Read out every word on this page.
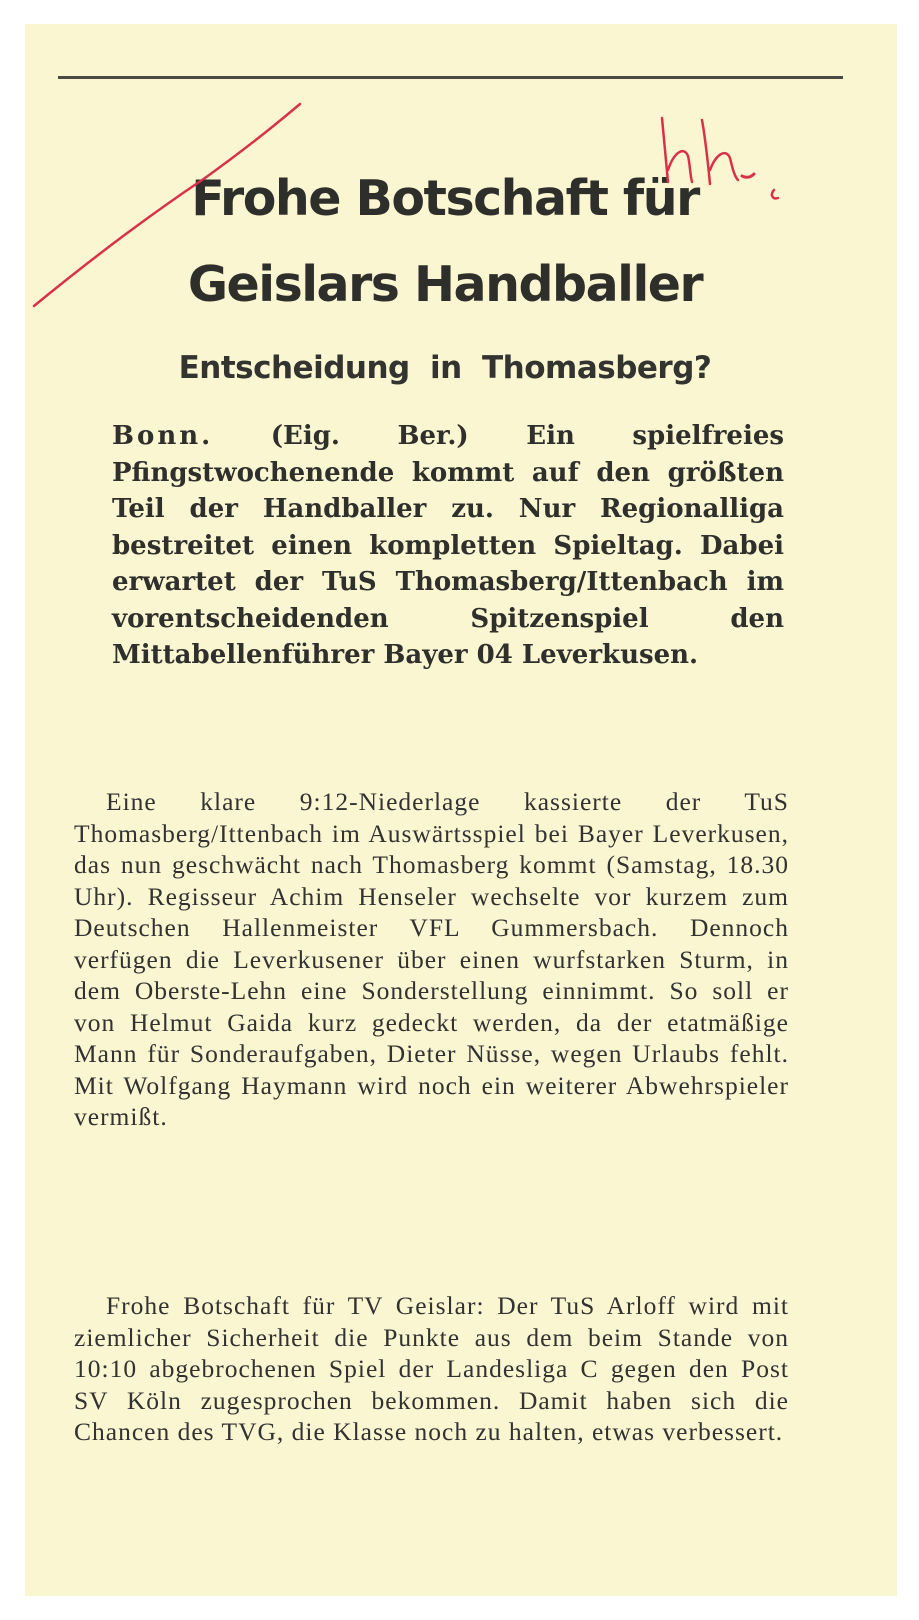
Frohe Botschaft für
Geislars Handballer
Entscheidung in Thomasberg?
Bonn. (Eig. Ber.) Ein spielfreies Pfingstwochenende kommt auf den größten Teil der Handballer zu. Nur Regionalliga bestreitet einen kompletten Spieltag. Dabei erwartet der TuS Thomasberg/Ittenbach im vorentscheidenden Spitzenspiel den Mittabellenführer Bayer 04 Leverkusen.

Eine klare 9:12-Niederlage kassierte der TuS Thomasberg/Ittenbach im Auswärtsspiel bei Bayer Leverkusen, das nun geschwächt nach Thomasberg kommt (Samstag, 18.30 Uhr). Regisseur Achim Henseler wechselte vor kurzem zum Deutschen Hallenmeister VFL Gummersbach. Dennoch verfügen die Leverkusener über einen wurfstarken Sturm, in dem Oberste-Lehn eine Sonderstellung einnimmt. So soll er von Helmut Gaida kurz gedeckt werden, da der etatmäßige Mann für Sonderaufgaben, Dieter Nüsse, wegen Urlaubs fehlt. Mit Wolfgang Haymann wird noch ein weiterer Abwehrspieler vermißt.

Frohe Botschaft für TV Geislar: Der TuS Arloff wird mit ziemlicher Sicherheit die Punkte aus dem beim Stande von 10:10 abgebrochenen Spiel der Landesliga C gegen den Post SV Köln zugesprochen bekommen. Damit haben sich die Chancen des TVG, die Klasse noch zu halten, etwas verbessert.
